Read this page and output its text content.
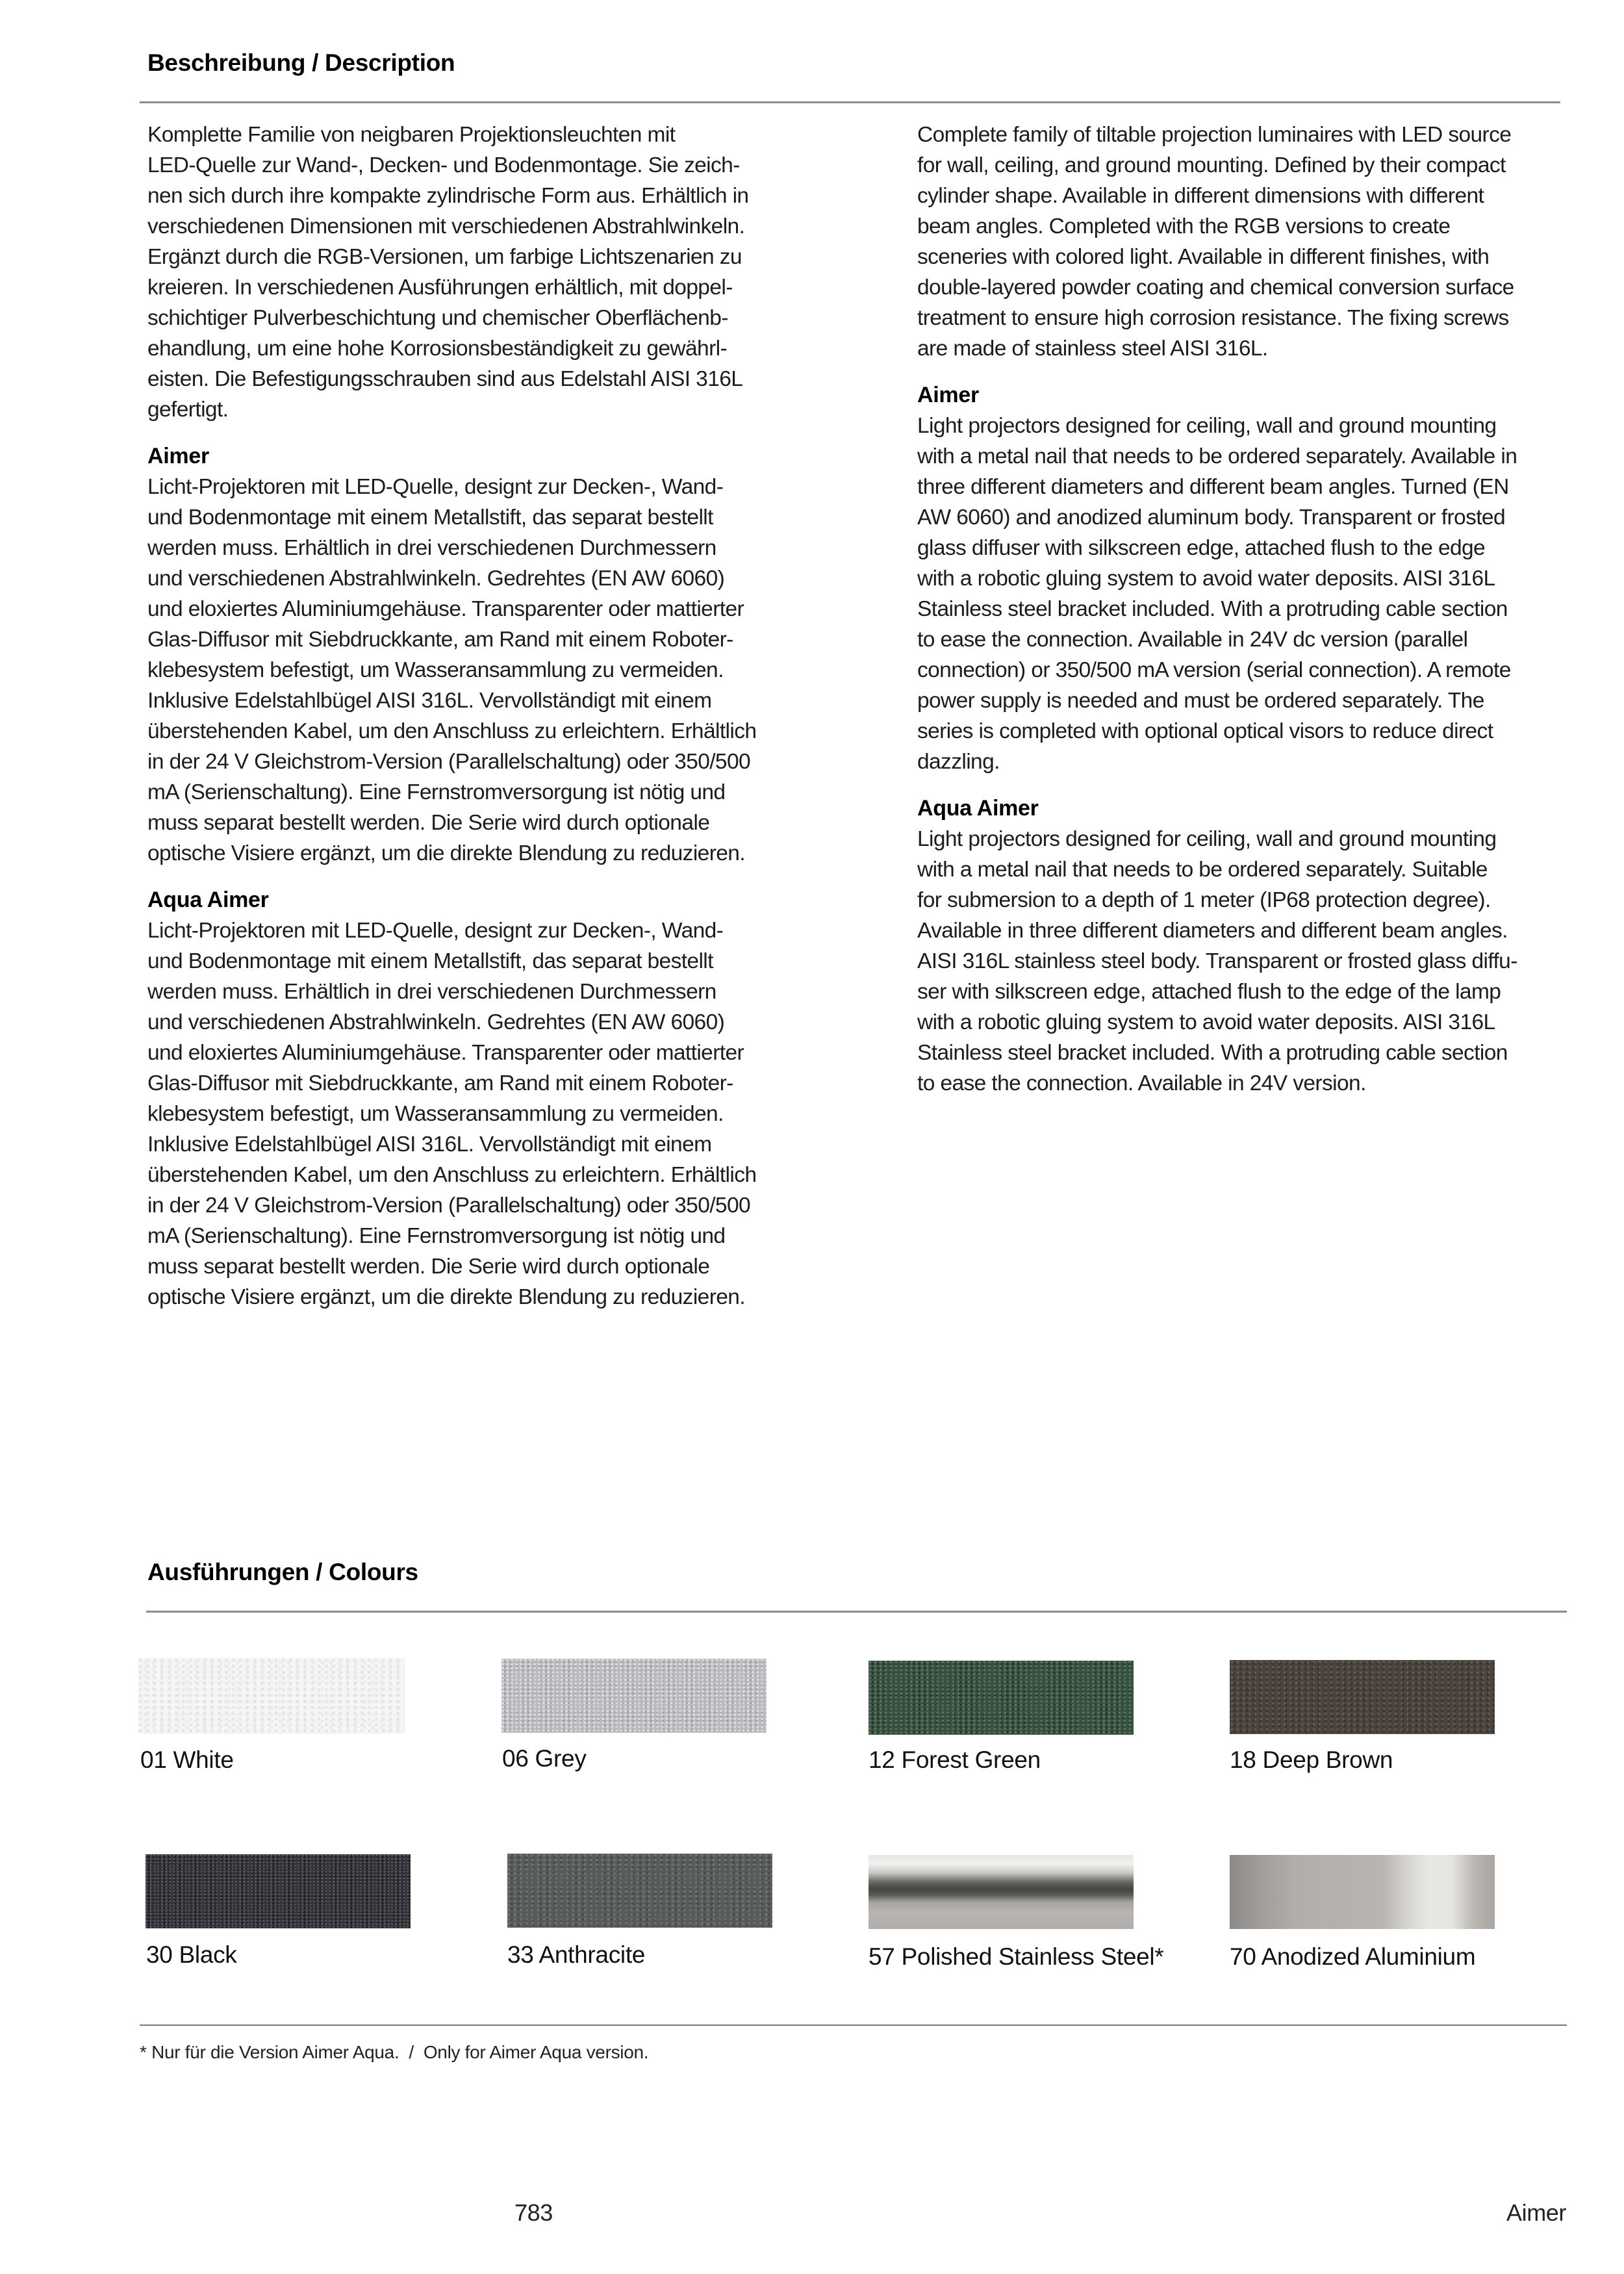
Beschreibung / Description
Komplette Familie von neigbaren Projektionsleuchten mit
LED-Quelle zur Wand-, Decken- und Bodenmontage. Sie zeich-
nen sich durch ihre kompakte zylindrische Form aus. Erhältlich in
verschiedenen Dimensionen mit verschiedenen Abstrahlwinkeln.
Ergänzt durch die RGB-Versionen, um farbige Lichtszenarien zu
kreieren. In verschiedenen Ausführungen erhältlich, mit doppel-
schichtiger Pulverbeschichtung und chemischer Oberflächenb-
ehandlung, um eine hohe Korrosionsbeständigkeit zu gewährl-
eisten. Die Befestigungsschrauben sind aus Edelstahl AISI 316L
gefertigt.
Aimer
Licht-Projektoren mit LED-Quelle, designt zur Decken-, Wand-
und Bodenmontage mit einem Metallstift, das separat bestellt
werden muss. Erhältlich in drei verschiedenen Durchmessern
und verschiedenen Abstrahlwinkeln. Gedrehtes (EN AW 6060)
und eloxiertes Aluminiumgehäuse. Transparenter oder mattierter
Glas-Diffusor mit Siebdruckkante, am Rand mit einem Roboter-
klebesystem befestigt, um Wasseransammlung zu vermeiden.
Inklusive Edelstahlbügel AISI 316L. Vervollständigt mit einem
überstehenden Kabel, um den Anschluss zu erleichtern. Erhältlich
in der 24 V Gleichstrom-Version (Parallelschaltung) oder 350/500
mA (Serienschaltung). Eine Fernstromversorgung ist nötig und
muss separat bestellt werden. Die Serie wird durch optionale
optische Visiere ergänzt, um die direkte Blendung zu reduzieren.
Aqua Aimer
Licht-Projektoren mit LED-Quelle, designt zur Decken-, Wand-
und Bodenmontage mit einem Metallstift, das separat bestellt
werden muss. Erhältlich in drei verschiedenen Durchmessern
und verschiedenen Abstrahlwinkeln. Gedrehtes (EN AW 6060)
und eloxiertes Aluminiumgehäuse. Transparenter oder mattierter
Glas-Diffusor mit Siebdruckkante, am Rand mit einem Roboter-
klebesystem befestigt, um Wasseransammlung zu vermeiden.
Inklusive Edelstahlbügel AISI 316L. Vervollständigt mit einem
überstehenden Kabel, um den Anschluss zu erleichtern. Erhältlich
in der 24 V Gleichstrom-Version (Parallelschaltung) oder 350/500
mA (Serienschaltung). Eine Fernstromversorgung ist nötig und
muss separat bestellt werden. Die Serie wird durch optionale
optische Visiere ergänzt, um die direkte Blendung zu reduzieren.
Complete family of tiltable projection luminaires with LED source
for wall, ceiling, and ground mounting. Defined by their compact
cylinder shape. Available in different dimensions with different
beam angles. Completed with the RGB versions to create
sceneries with colored light. Available in different finishes, with
double-layered powder coating and chemical conversion surface
treatment to ensure high corrosion resistance. The fixing screws
are made of stainless steel AISI 316L.
Aimer
Light projectors designed for ceiling, wall and ground mounting
with a metal nail that needs to be ordered separately. Available in
three different diameters and different beam angles. Turned (EN
AW 6060) and anodized aluminum body. Transparent or frosted
glass diffuser with silkscreen edge, attached flush to the edge
with a robotic gluing system to avoid water deposits. AISI 316L
Stainless steel bracket included. With a protruding cable section
to ease the connection. Available in 24V dc version (parallel
connection) or 350/500 mA version (serial connection). A remote
power supply is needed and must be ordered separately. The
series is completed with optional optical visors to reduce direct
dazzling.
Aqua Aimer
Light projectors designed for ceiling, wall and ground mounting
with a metal nail that needs to be ordered separately. Suitable
for submersion to a depth of 1 meter (IP68 protection degree).
Available in three different diameters and different beam angles.
AISI 316L stainless steel body. Transparent or frosted glass diffu-
ser with silkscreen edge, attached flush to the edge of the lamp
with a robotic gluing system to avoid water deposits. AISI 316L
Stainless steel bracket included. With a protruding cable section
to ease the connection. Available in 24V version.
Ausführungen / Colours
01 White	06 Grey	12 Forest Green	18 Deep Brown
30 Black	33 Anthracite	57 Polished Stainless Steel*	70 Anodized Aluminium
* Nur für die Version Aimer Aqua.  /  Only for Aimer Aqua version.
783	Aimer
